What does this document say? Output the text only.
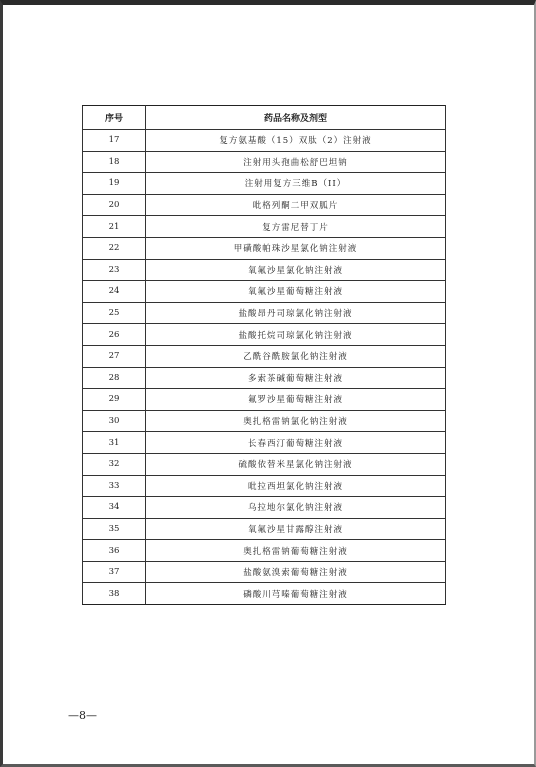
序号	药品名称及剂型
17	复方氨基酸（15）双肽（2）注射液
18	注射用头孢曲松舒巴坦钠
19	注射用复方三维B（II）
20	吡格列酮二甲双胍片
21	复方雷尼替丁片
22	甲磺酸帕珠沙星氯化钠注射液
23	氧氟沙星氯化钠注射液
24	氧氟沙星葡萄糖注射液
25	盐酸昂丹司琼氯化钠注射液
26	盐酸托烷司琼氯化钠注射液
27	乙酰谷酰胺氯化钠注射液
28	多索茶碱葡萄糖注射液
29	氟罗沙星葡萄糖注射液
30	奥扎格雷钠氯化钠注射液
31	长春西汀葡萄糖注射液
32	硫酸依替米星氯化钠注射液
33	吡拉西坦氯化钠注射液
34	乌拉地尔氯化钠注射液
35	氧氟沙星甘露醇注射液
36	奥扎格雷钠葡萄糖注射液
37	盐酸氨溴索葡萄糖注射液
38	磷酸川芎嗪葡萄糖注射液
—8—
